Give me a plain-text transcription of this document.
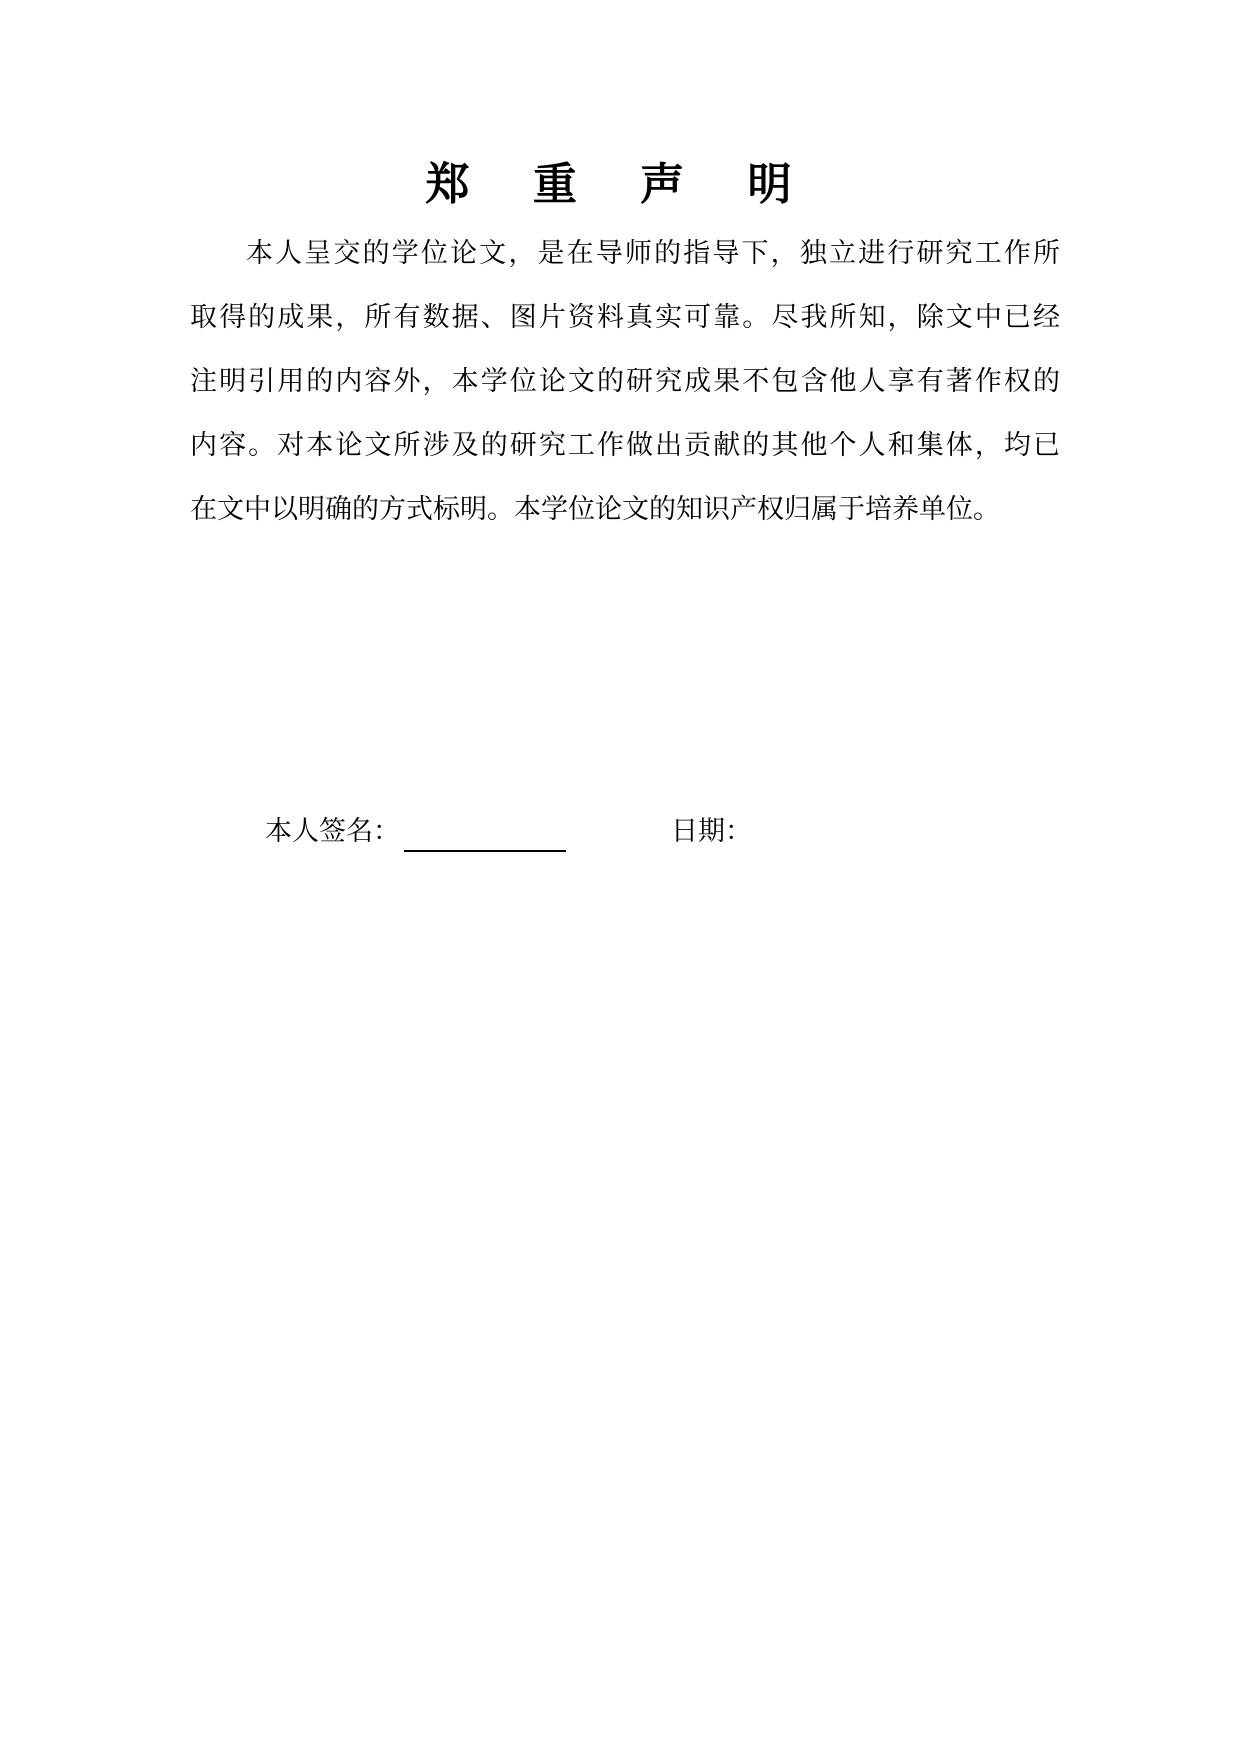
郑 重 声 明
本人呈交的学位论文，是在导师的指导下，独立进行研究工作所
取得的成果，所有数据、图片资料真实可靠。尽我所知，除文中已经
注明引用的内容外，本学位论文的研究成果不包含他人享有著作权的
内容。对本论文所涉及的研究工作做出贡献的其他个人和集体，均已
在文中以明确的方式标明。本学位论文的知识产权归属于培养单位。
本人签名：	日期：
